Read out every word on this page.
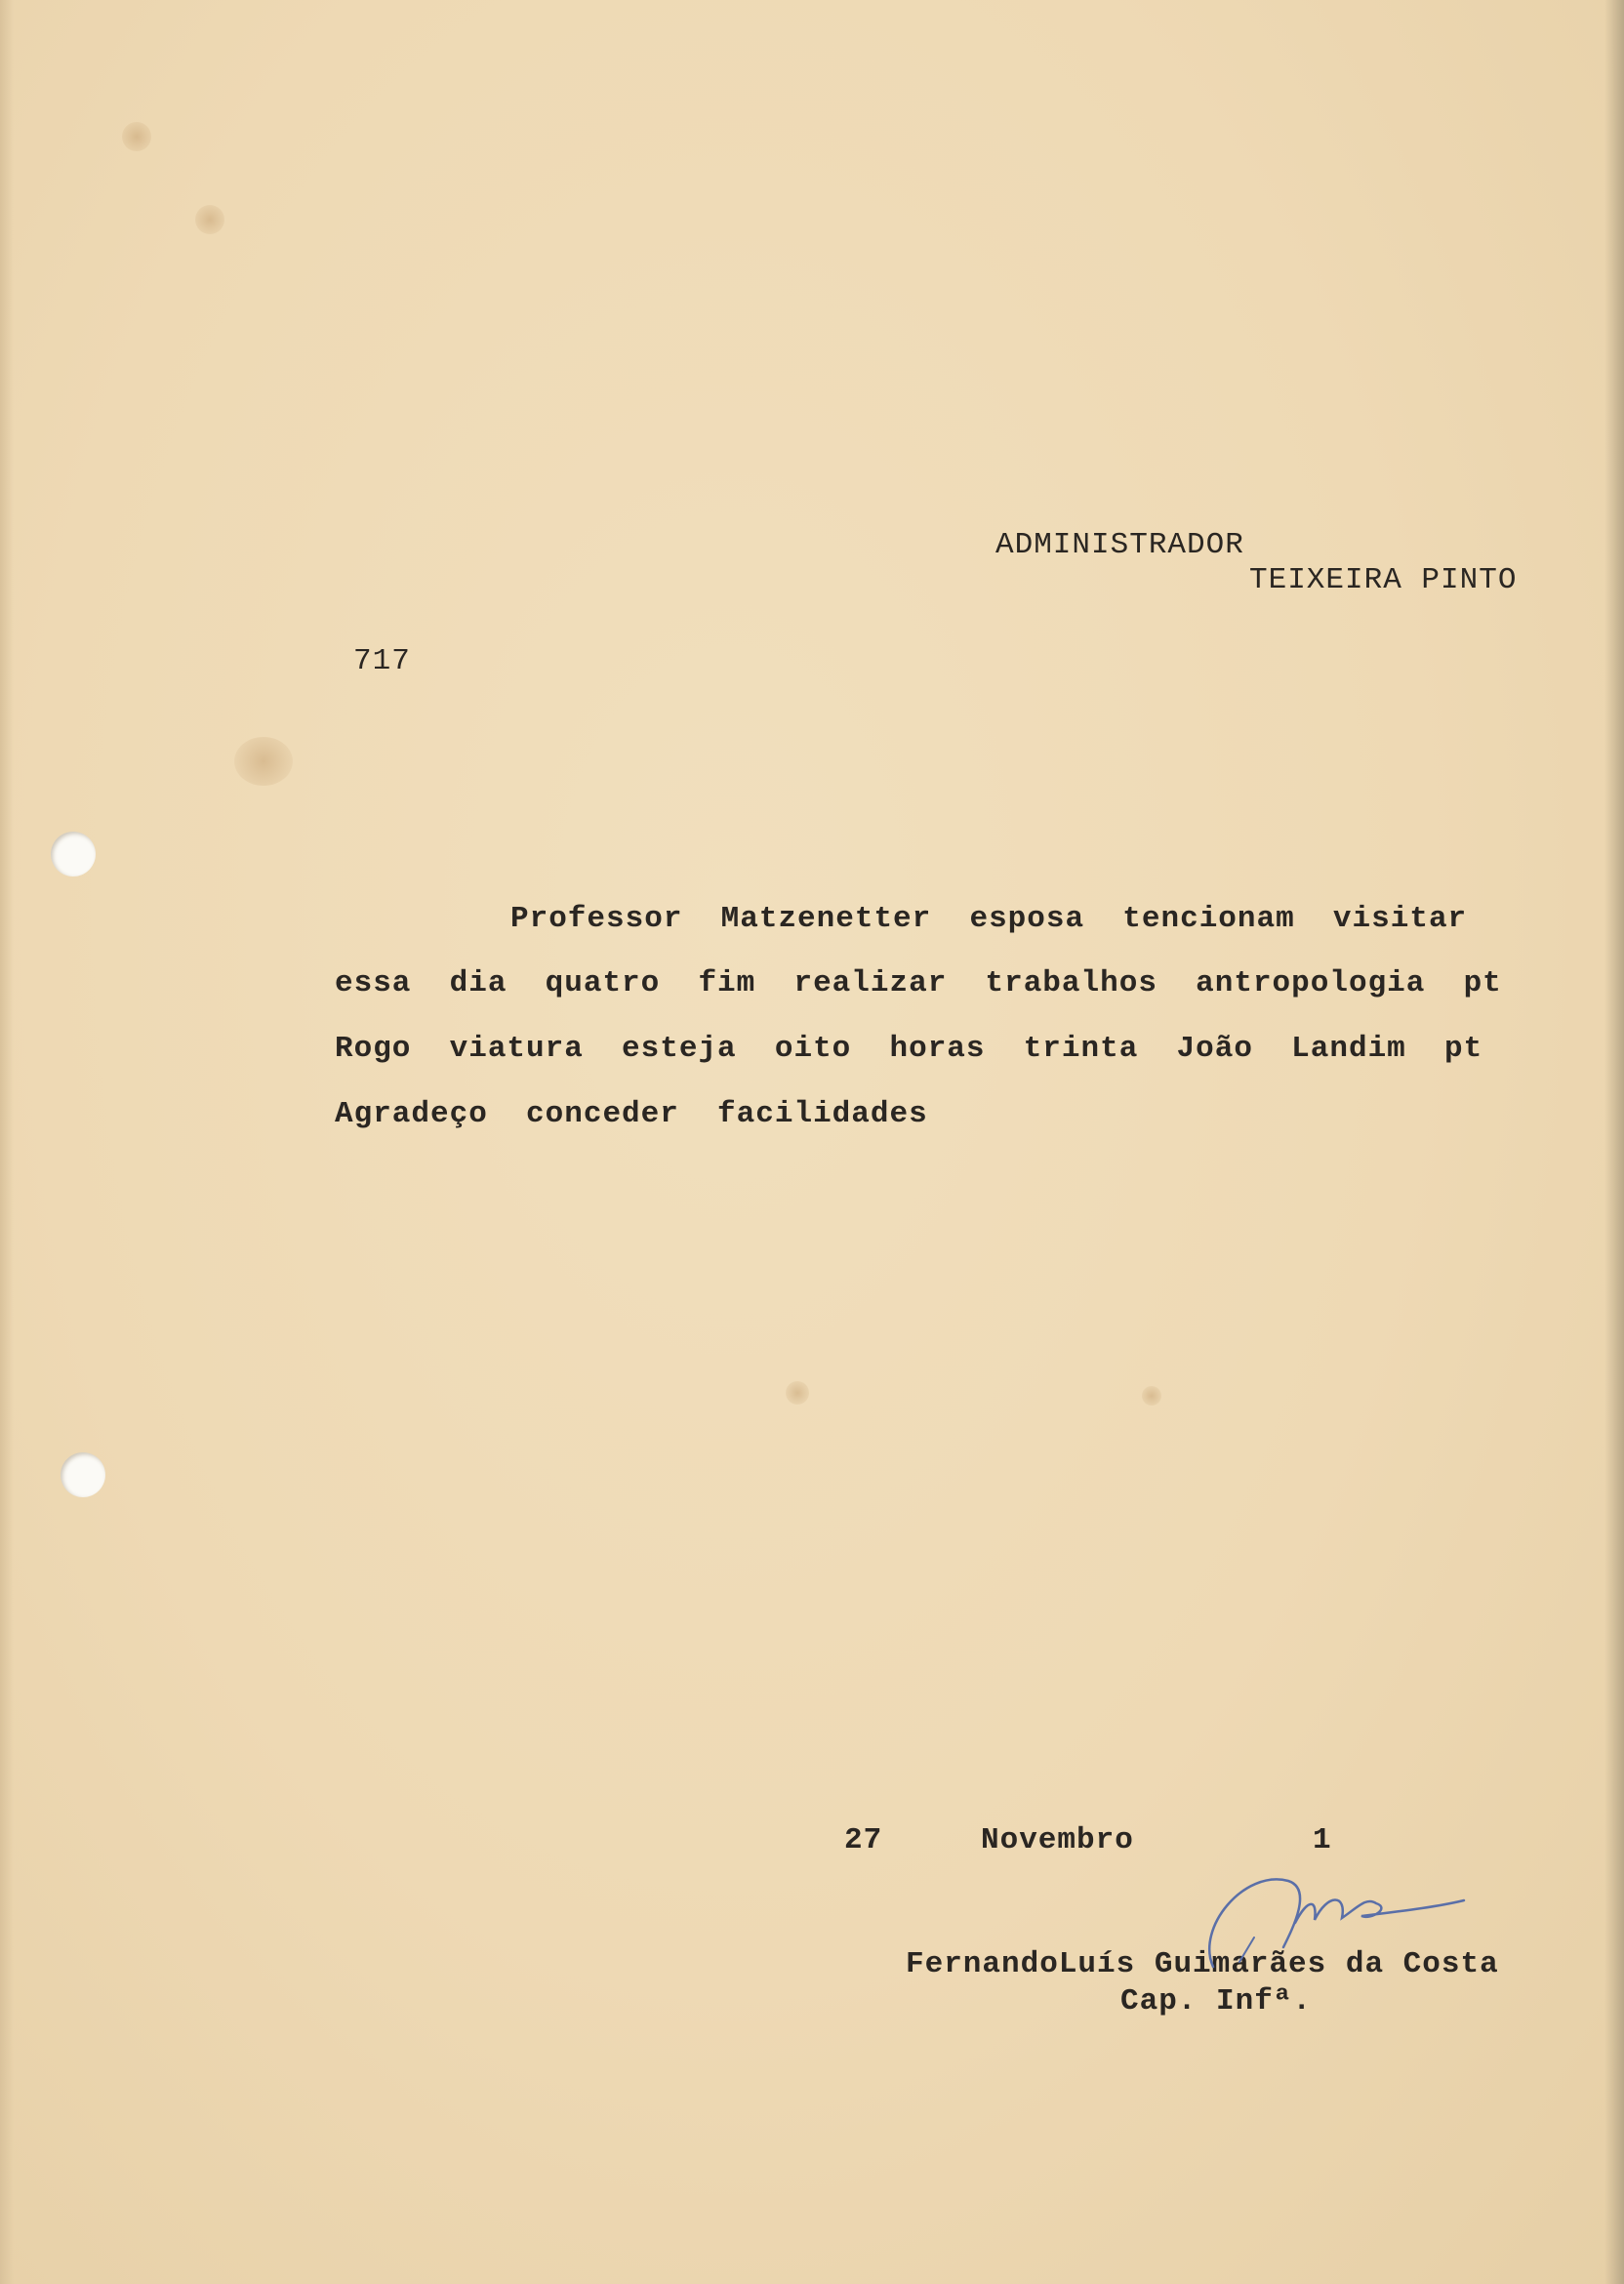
ADMINISTRADOR

TEIXEIRA PINTO

717

Professor  Matzenetter  esposa  tencionam  visitar

essa  dia  quatro  fim  realizar  trabalhos  antropologia  pt

Rogo  viatura  esteja  oito  horas  trinta  João  Landim  pt

Agradeço  conceder  facilidades

27	Novembro	1

FernandoLuís Guimarães da Costa

Cap. Infª.
